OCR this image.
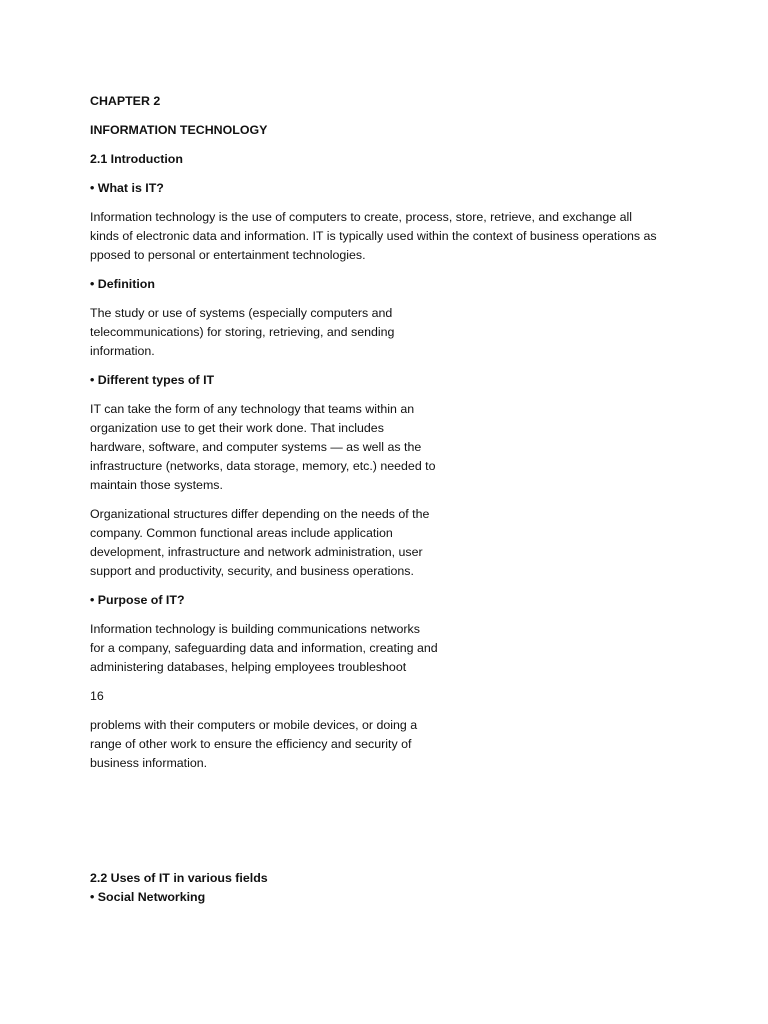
CHAPTER 2

INFORMATION TECHNOLOGY

2.1 Introduction

• What is IT?

Information technology is the use of computers to create, process, store, retrieve, and exchange all
kinds of electronic data and information. IT is typically used within the context of business operations as
pposed to personal or entertainment technologies.

• Definition

The study or use of systems (especially computers and
telecommunications) for storing, retrieving, and sending
information.

• Different types of IT

IT can take the form of any technology that teams within an
organization use to get their work done. That includes
hardware, software, and computer systems — as well as the
infrastructure (networks, data storage, memory, etc.) needed to
maintain those systems.

Organizational structures differ depending on the needs of the
company. Common functional areas include application
development, infrastructure and network administration, user
support and productivity, security, and business operations.

• Purpose of IT?

Information technology is building communications networks
for a company, safeguarding data and information, creating and
administering databases, helping employees troubleshoot

16

problems with their computers or mobile devices, or doing a
range of other work to ensure the efficiency and security of
business information.

2.2 Uses of IT in various fields

• Social Networking
